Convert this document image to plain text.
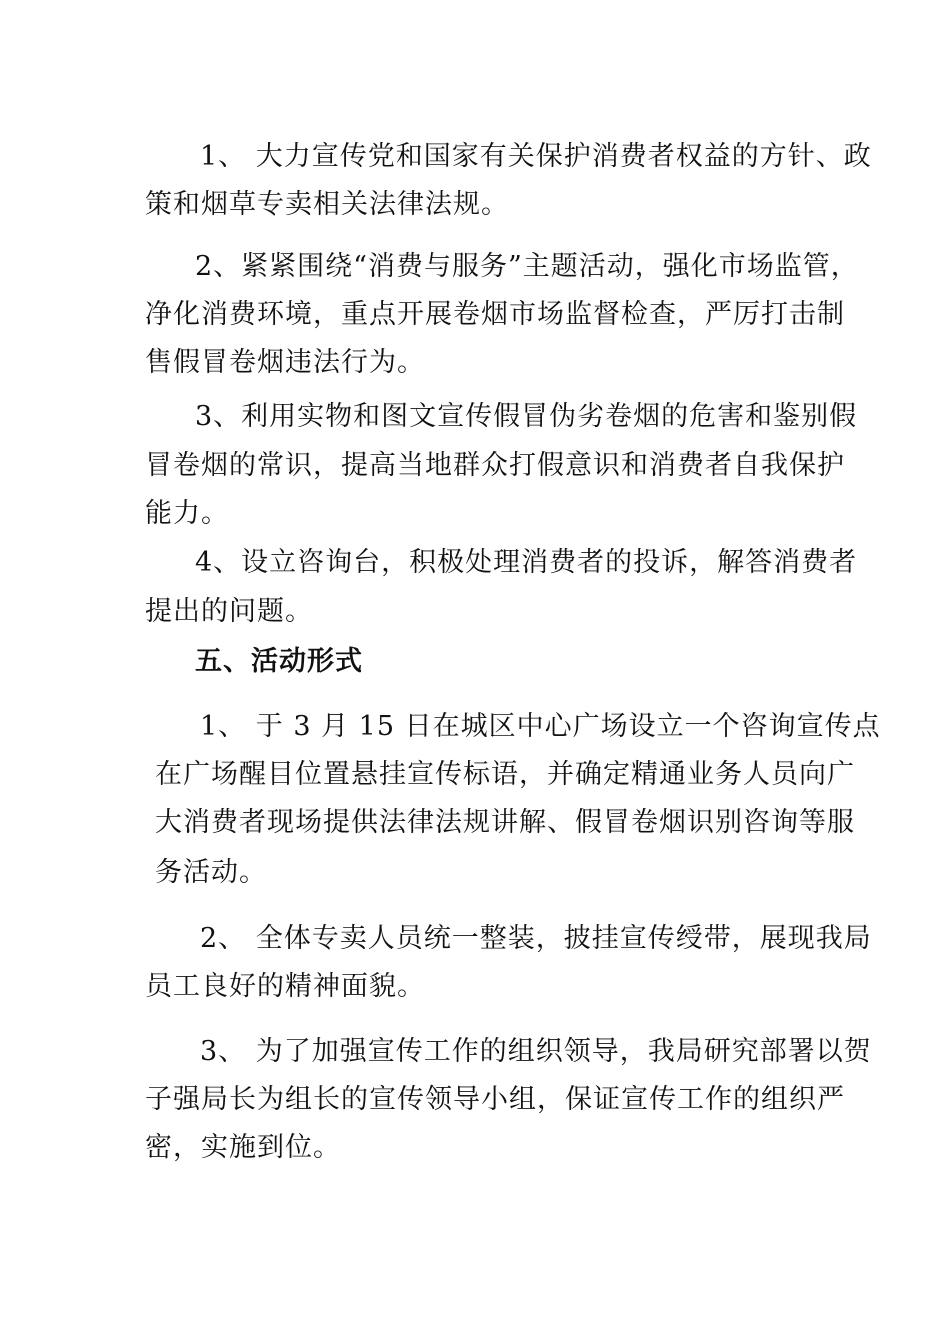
1、 大力宣传党和国家有关保护消费者权益的方针、政
策和烟草专卖相关法律法规。
2、紧紧围绕“消费与服务”主题活动，强化市场监管，
净化消费环境，重点开展卷烟市场监督检查，严厉打击制
售假冒卷烟违法行为。
3、利用实物和图文宣传假冒伪劣卷烟的危害和鉴别假
冒卷烟的常识，提高当地群众打假意识和消费者自我保护
能力。
4、设立咨询台，积极处理消费者的投诉，解答消费者
提出的问题。
五、活动形式
1、 于 3 月 15 日在城区中心广场设立一个咨询宣传点
在广场醒目位置悬挂宣传标语，并确定精通业务人员向广
大消费者现场提供法律法规讲解、假冒卷烟识别咨询等服
务活动。
2、 全体专卖人员统一整装，披挂宣传绶带，展现我局
员工良好的精神面貌。
3、 为了加强宣传工作的组织领导，我局研究部署以贺
子强局长为组长的宣传领导小组，保证宣传工作的组织严
密，实施到位。
